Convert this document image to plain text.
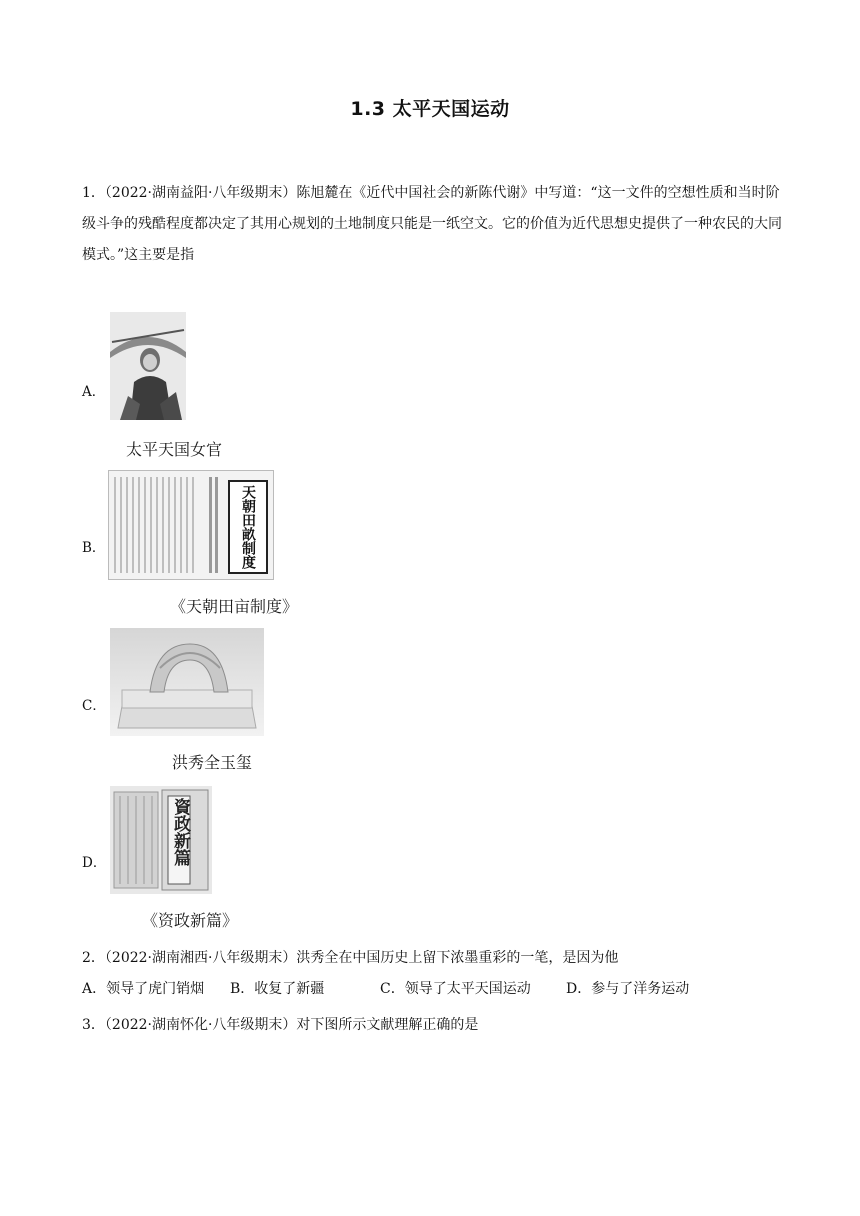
1.3 太平天国运动
1．（2022·湖南益阳·八年级期末）陈旭麓在《近代中国社会的新陈代谢》中写道：“这一文件的空想性质和当时阶级斗争的残酷程度都决定了其用心规划的土地制度只能是一纸空文。它的价值为近代思想史提供了一种农民的大同模式。”这主要是指
A．
太平天国女官
B．	天朝田畝制度
《天朝田亩制度》
C．
洪秀全玉玺
D．	資政新篇
《资政新篇》
2．（2022·湖南湘西·八年级期末）洪秀全在中国历史上留下浓墨重彩的一笔，是因为他
A．领导了虎门销烟 B．收复了新疆	C．领导了太平天国运动	D．参与了洋务运动
3．（2022·湖南怀化·八年级期末）对下图所示文献理解正确的是
